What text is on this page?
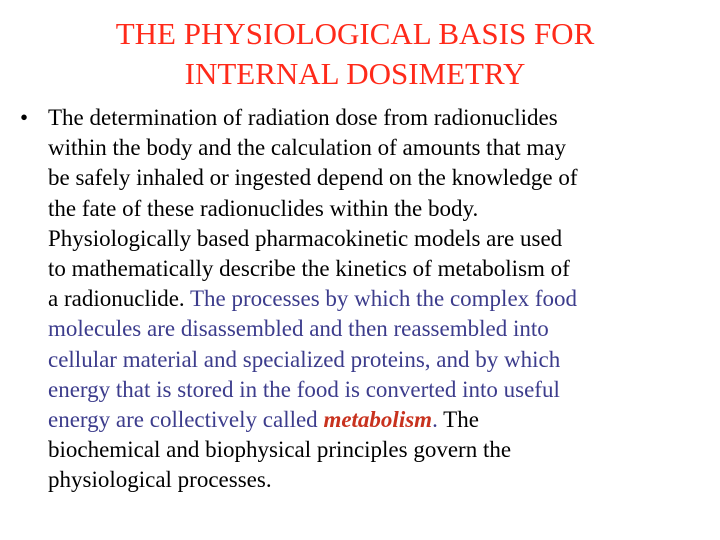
THE PHYSIOLOGICAL BASIS FOR
INTERNAL DOSIMETRY
• The determination of radiation dose from radionuclides
within the body and the calculation of amounts that may
be safely inhaled or ingested depend on the knowledge of
the fate of these radionuclides within the body.
Physiologically based pharmacokinetic models are used
to mathematically describe the kinetics of metabolism of
a radionuclide. The processes by which the complex food
molecules are disassembled and then reassembled into
cellular material and specialized proteins, and by which
energy that is stored in the food is converted into useful
energy are collectively called metabolism. The
biochemical and biophysical principles govern the
physiological processes.
